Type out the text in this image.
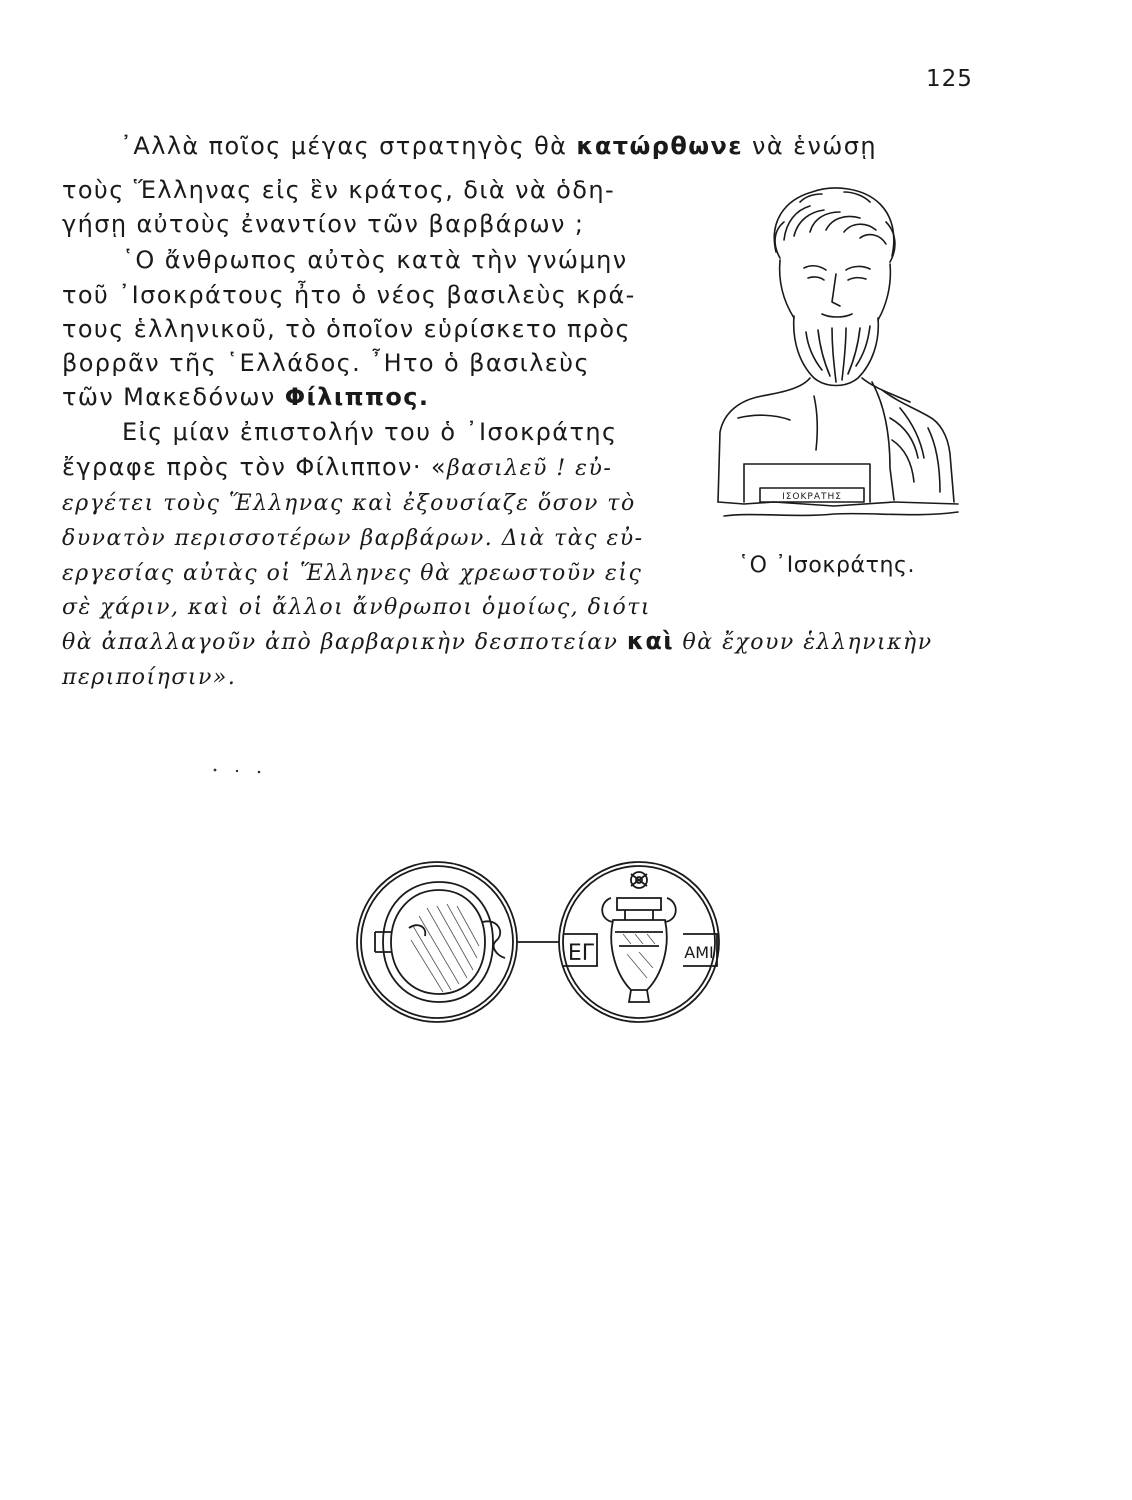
125
᾿Αλλὰ ποῖος μέγας στρατηγὸς θὰ κατώρθωνε νὰ ἑνώσῃ
τοὺς Ἕλληνας εἰς ἓν κράτος, διὰ νὰ ὁδη-
γήσῃ αὐτοὺς ἐναντίον τῶν βαρβάρων ;
῾Ο ἄνθρωπος αὐτὸς κατὰ τὴν γνώμην
τοῦ ᾿Ισοκράτους ἦτο ὁ νέος βασιλεὺς κρά-
τους ἑλληνικοῦ, τὸ ὁποῖον εὑρίσκετο πρὸς
βορρᾶν τῆς ῾Ελλάδος. ῏Ητο ὁ βασιλεὺς
τῶν Μακεδόνων Φίλιππος.
Εἰς μίαν ἐπιστολήν του ὁ ᾿Ισοκράτης
ἔγραφε πρὸς τὸν Φίλιππον· «βασιλεῦ ! εὐ-
εργέτει τοὺς Ἕλληνας καὶ ἐξουσίαζε ὅσον τὸ
δυνατὸν περισσοτέρων βαρβάρων. Διὰ τὰς εὐ-
εργεσίας αὐτὰς οἱ Ἕλληνες θὰ χρεωστοῦν εἰς
σὲ χάριν, καὶ οἱ ἄλλοι ἄνθρωποι ὁμοίως, διότι
θὰ ἀπαλλαγοῦν ἀπὸ βαρβαρικὴν δεσποτείαν καὶ θὰ ἔχουν ἑλληνικὴν
περιποίησιν».
ΙΣΟΚΡΑΤΗΣ
῾Ο ᾿Ισοκράτης.
ΕΓ	ΑΜΙ
